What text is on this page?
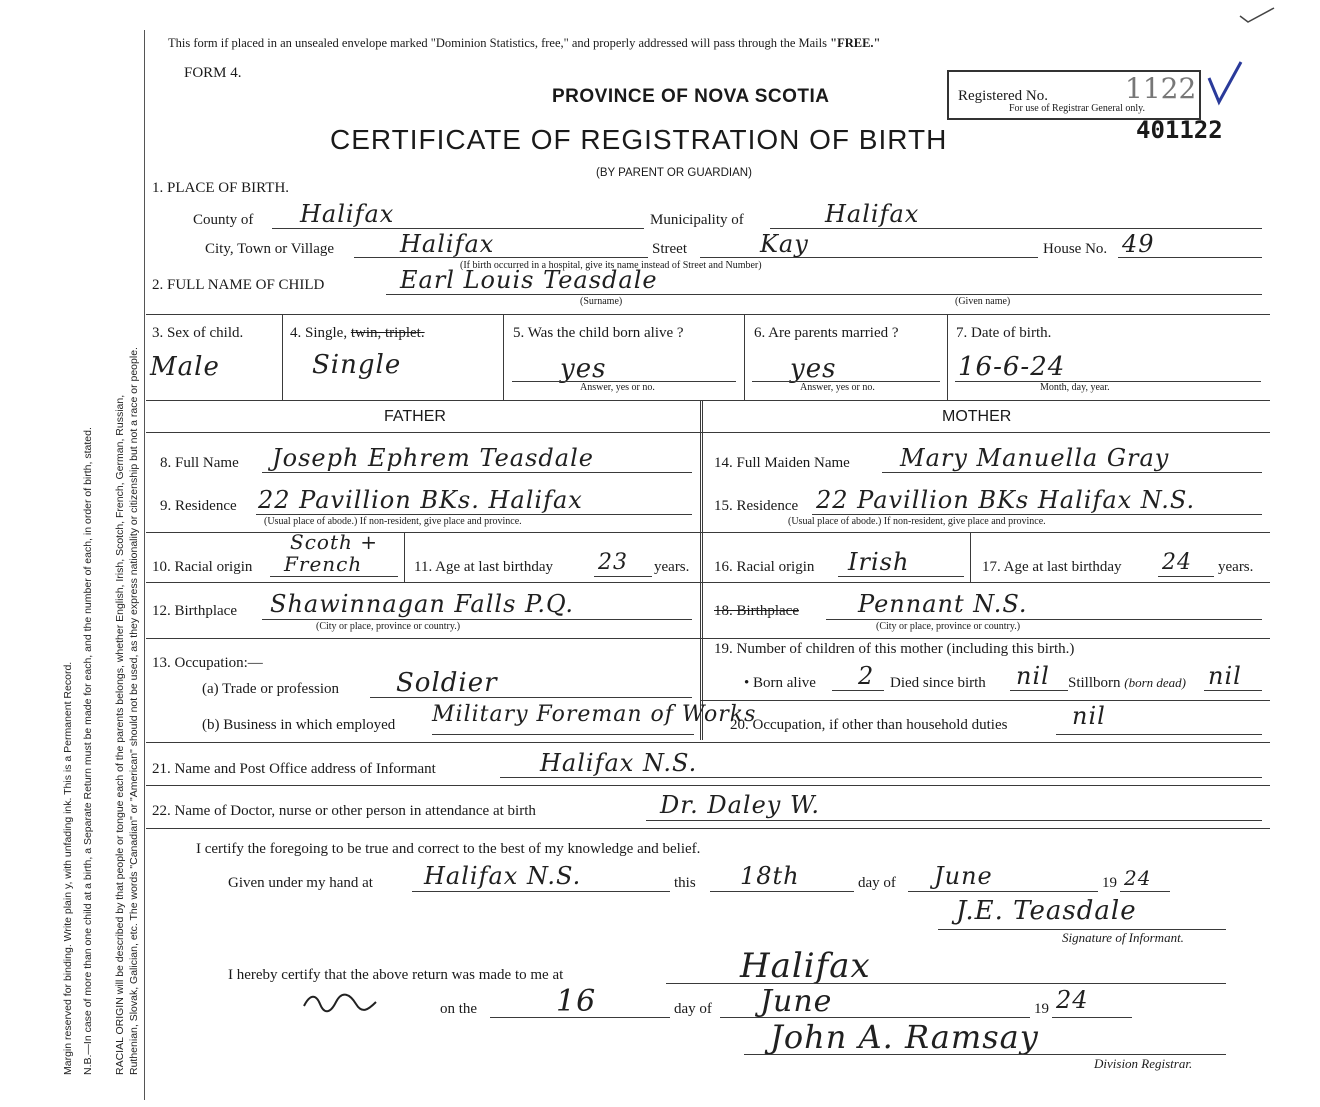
Margin reserved for binding. Write plain y, with unfading ink. This is a Permanent Record. N.B.—In case of more than one child at a birth, a Separate Return must be made for each, and the number of each, in order of birth, stated. RACIAL ORIGIN will be described by that people or tongue each of the parents belongs, whether English, Irish, Scotch, French, German, Russian, Ruthenian, Slovak, Galician, etc. The words "Canadian" or "American" should not be used, as they express nationality or citizenship but not a race or people.
This form if placed in an unsealed envelope marked "Dominion Statistics, free," and properly addressed will pass through the Mails "FREE."
FORM 4.
PROVINCE OF NOVA SCOTIA
CERTIFICATE OF REGISTRATION OF BIRTH
(BY PARENT OR GUARDIAN)
Registered No.	1122
For use of Registrar General only.
401122
1. PLACE OF BIRTH.
County of Halifax	Municipality of	Halifax
City, Town or Village	Halifax	Street	Kay	House No. 49
(If birth occurred in a hospital, give its name instead of Street and Number)
2. FULL NAME OF CHILD	Earl Louis Teasdale
(Surname)	(Given name)
3. Sex of child.
Male
4. Single, twin, triplet.
Single
5. Was the child born alive ?
yes
Answer, yes or no.
6. Are parents married ?
yes
Answer, yes or no.
7. Date of birth.
16-6-24
Month, day, year.
FATHER	MOTHER
8. Full Name Joseph Ephrem Teasdale
9. Residence 22 Pavillion BKs. Halifax
(Usual place of abode.) If non-resident, give place and province.
10. Racial origin
Scoth +
French	11. Age at last birthday 23 years.
12. Birthplace Shawinnagan Falls P.Q.
(City or place, province or country.)
13. Occupation:—
(a) Trade or profession Soldier
(b) Business in which employed Military Foreman of Works
14. Full Maiden Name Mary Manuella Gray
15. Residence 22 Pavillion BKs Halifax N.S.
(Usual place of abode.) If non-resident, give place and province.
16. Racial origin Irish	17. Age at last birthday 24 years.
18. Birthplace Pennant N.S.
(City or place, province or country.)
19. Number of children of this mother (including this birth.)
• Born alive 2 Died since birth nil Stillborn (born dead) nil
20. Occupation, if other than household duties	nil
21. Name and Post Office address of Informant	Halifax N.S.
22. Name of Doctor, nurse or other person in attendance at birth	Dr. Daley W.
I certify the foregoing to be true and correct to the best of my knowledge and belief.
Given under my hand at Halifax N.S.	this 18th	day of June	19 24
J.E. Teasdale
Signature of Informant.
I hereby certify that the above return was made to me at	Halifax
on the	16	day of June	19 24
John A. Ramsay
Division Registrar.
